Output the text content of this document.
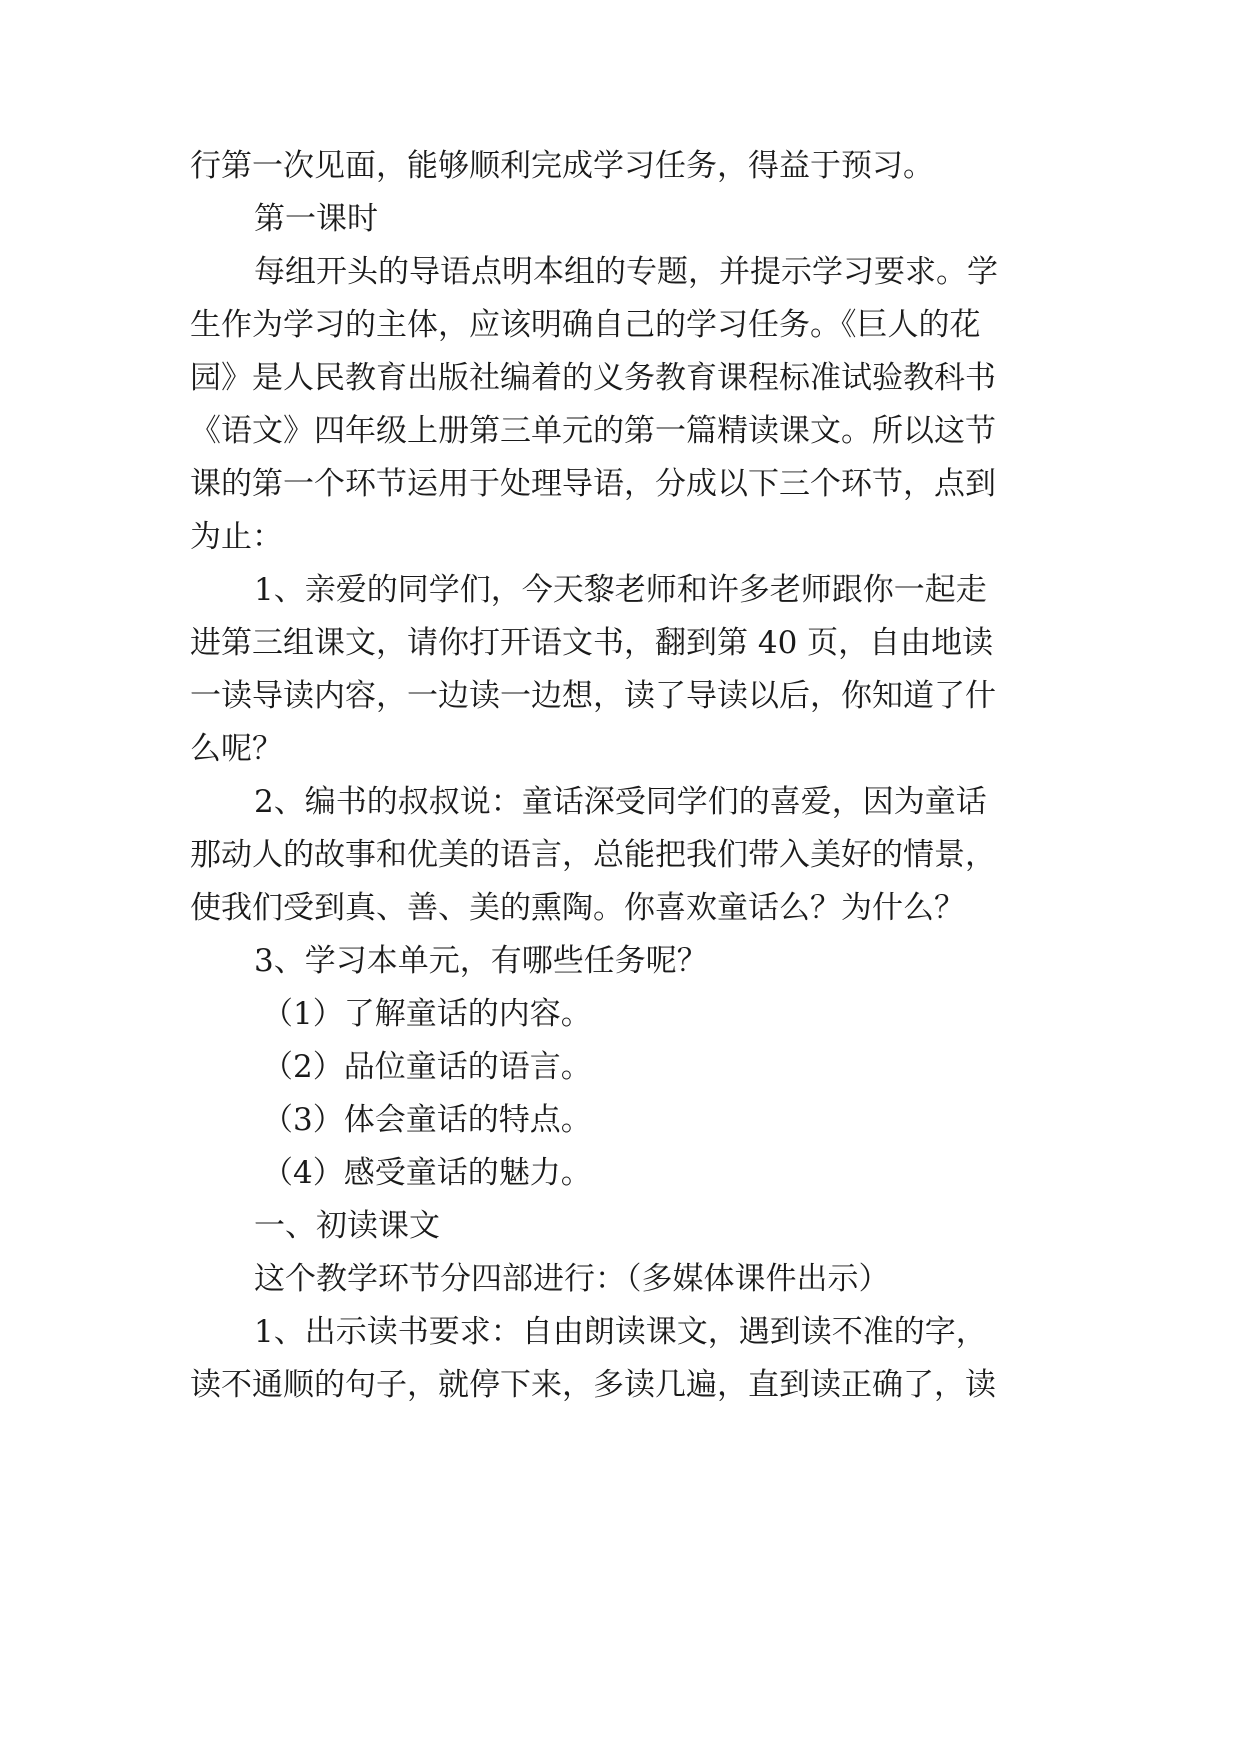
行第一次见面，能够顺利完成学习任务，得益于预习。
第一课时
每组开头的导语点明本组的专题，并提示学习要求。学
生作为学习的主体，应该明确自己的学习任务。《巨人的花
园》是人民教育出版社编着的义务教育课程标准试验教科书
《语文》四年级上册第三单元的第一篇精读课文。所以这节
课的第一个环节运用于处理导语，分成以下三个环节，点到
为止：
1、亲爱的同学们，今天黎老师和许多老师跟你一起走
进第三组课文，请你打开语文书，翻到第 40 页，自由地读
一读导读内容，一边读一边想，读了导读以后，你知道了什
么呢？
2、编书的叔叔说：童话深受同学们的喜爱，因为童话
那动人的故事和优美的语言，总能把我们带入美好的情景，
使我们受到真、善、美的熏陶。你喜欢童话么？为什么？
3、学习本单元，有哪些任务呢？
（1）了解童话的内容。
（2）品位童话的语言。
（3）体会童话的特点。
（4）感受童话的魅力。
一、初读课文
这个教学环节分四部进行：（多媒体课件出示）
1、出示读书要求：自由朗读课文，遇到读不准的字，
读不通顺的句子，就停下来，多读几遍，直到读正确了，读
